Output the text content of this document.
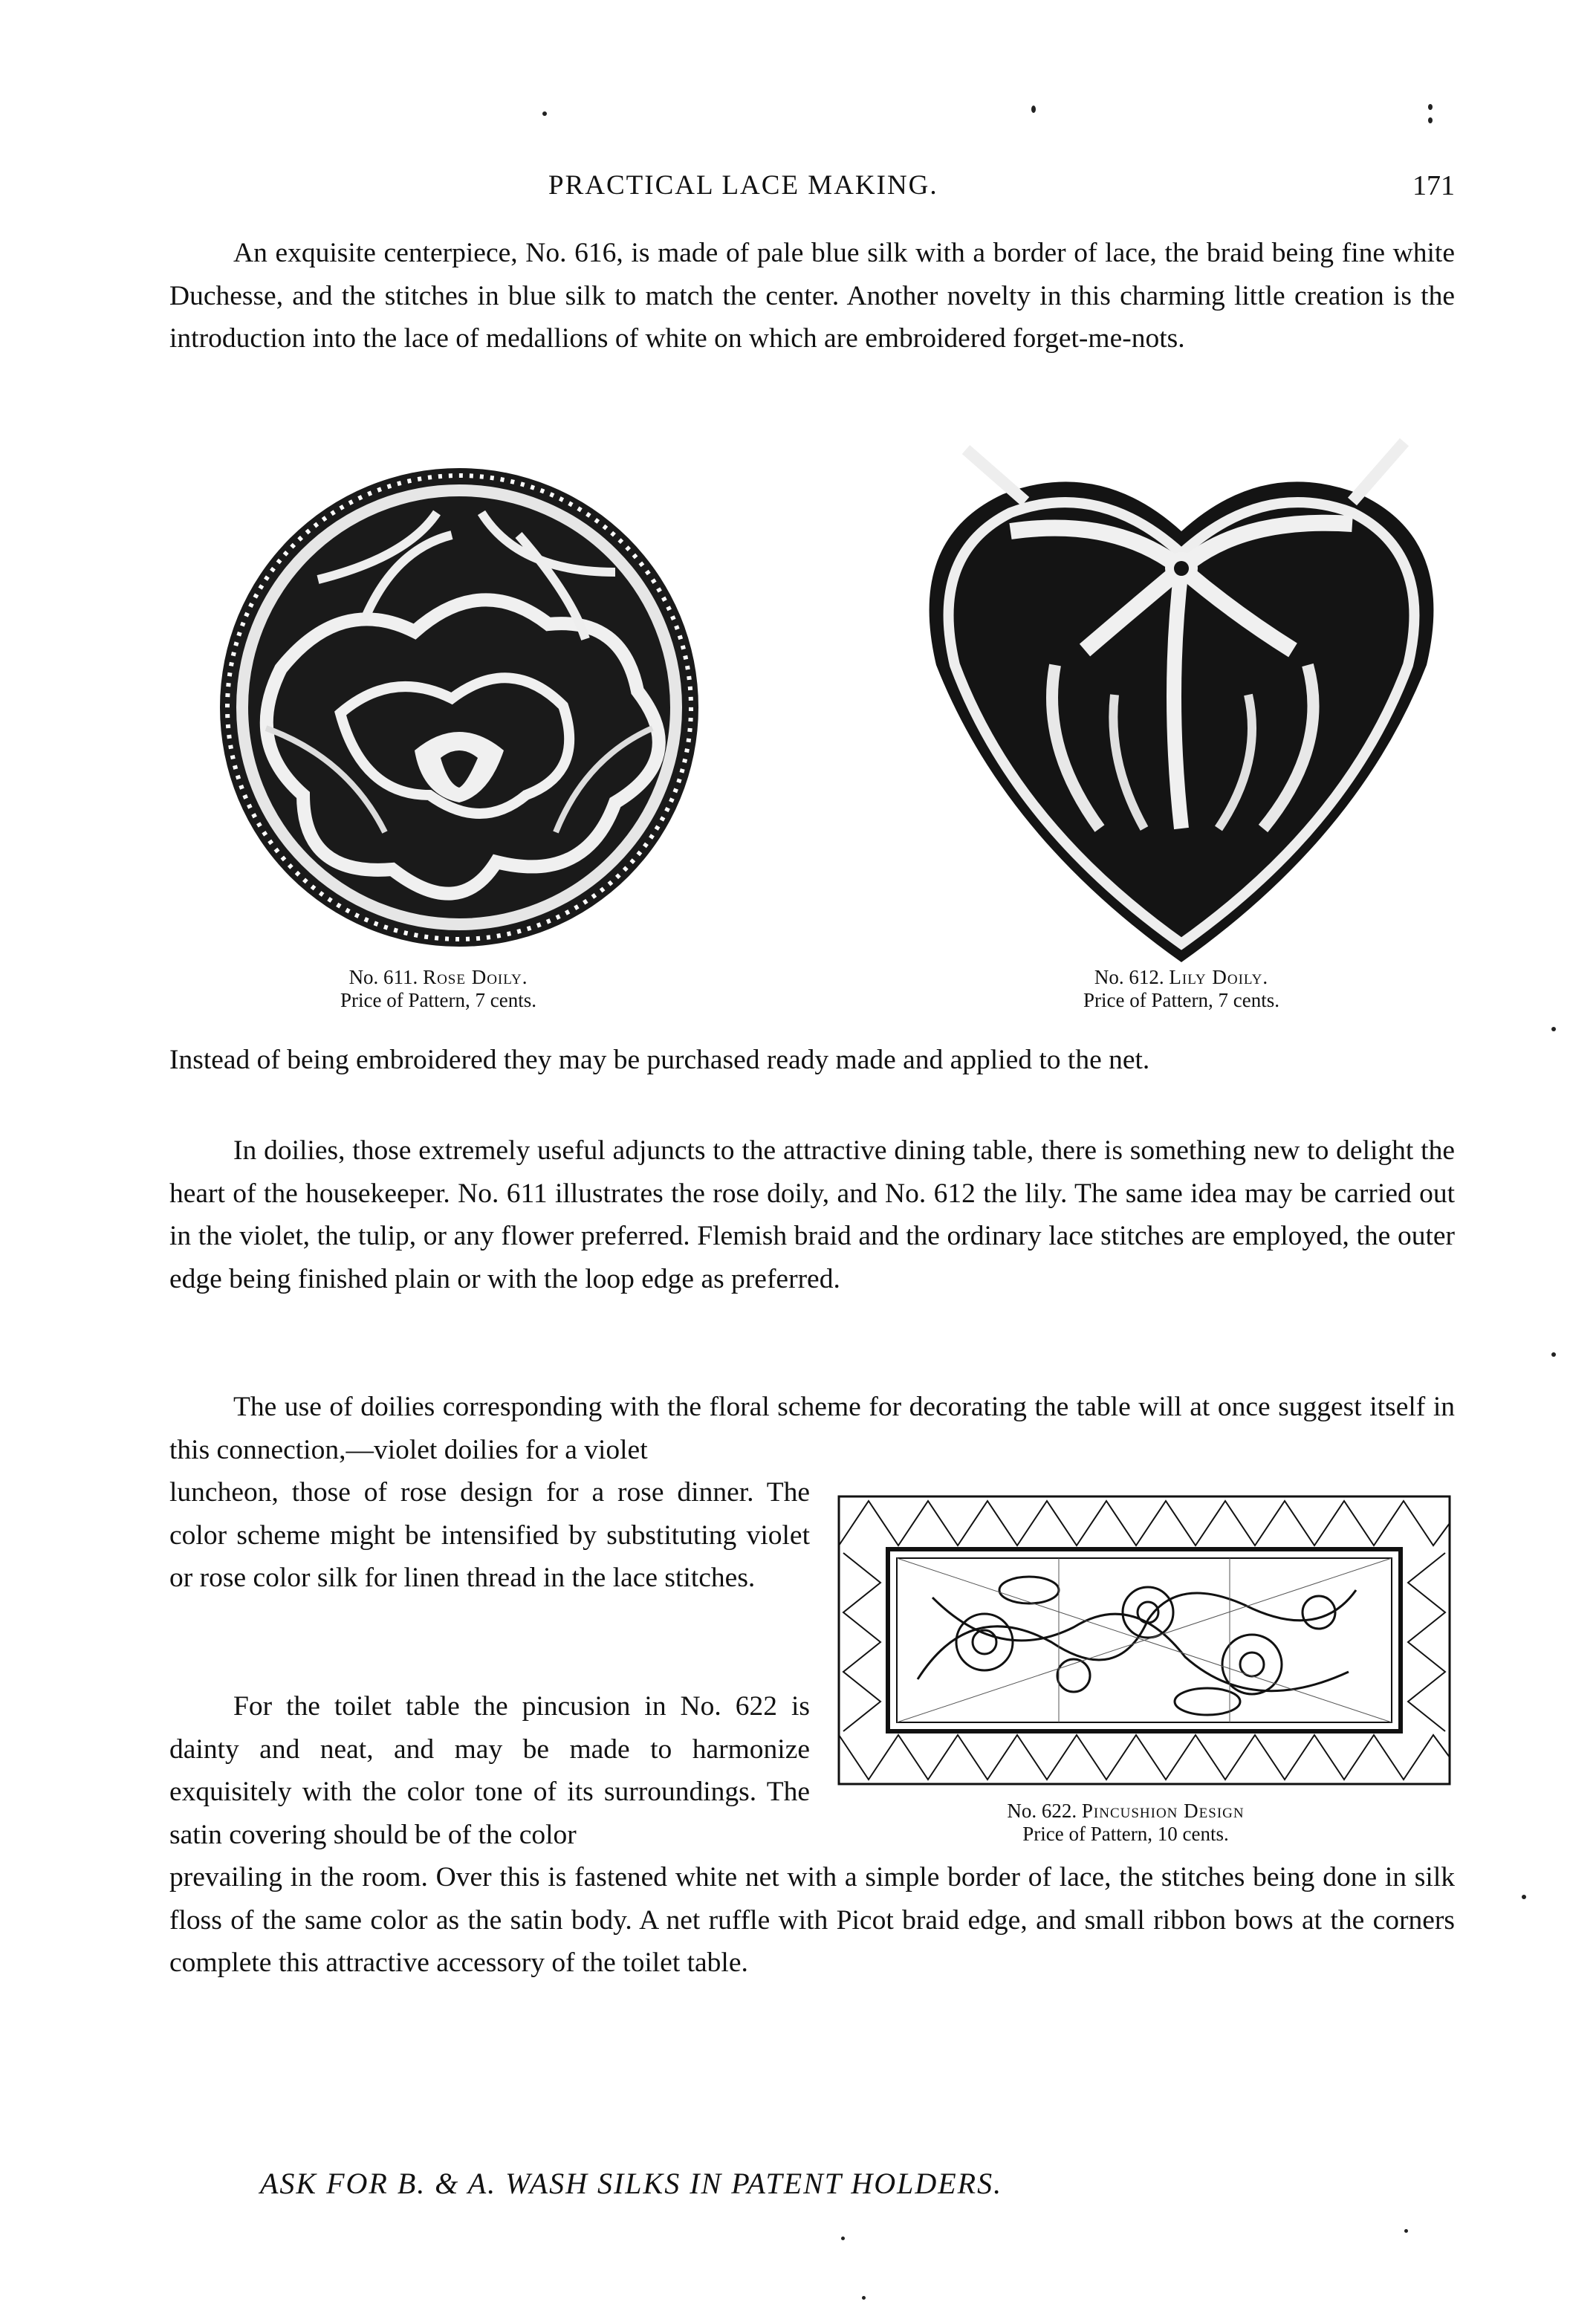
PRACTICAL LACE MAKING.	171
An exquisite centerpiece, No. 616, is made of pale blue silk with a border of lace, the braid being fine white Duchesse, and the stitches in blue silk to match the center. Another novelty in this charming little creation is the introduction into the lace of medallions of white on which are embroidered forget-me-nots.
No. 611. Rose Doily.
Price of Pattern, 7 cents.
No. 612. Lily Doily.
Price of Pattern, 7 cents.
Instead of being embroidered they may be purchased ready made and applied to the net.
In doilies, those extremely useful adjuncts to the attractive dining table, there is something new to delight the heart of the housekeeper. No. 611 illustrates the rose doily, and No. 612 the lily. The same idea may be carried out in the violet, the tulip, or any flower preferred. Flemish braid and the ordinary lace stitches are employed, the outer edge being finished plain or with the loop edge as preferred.
The use of doilies corresponding with the floral scheme for decorating the table will at once suggest itself in this connection,—violet doilies for a violet
luncheon, those of rose design for a rose dinner. The color scheme might be intensified by substituting violet or rose color silk for linen thread in the lace stitches.
For the toilet table the pincusion in No. 622 is dainty and neat, and may be made to harmonize exquisitely with the color tone of its surroundings. The satin covering should be of the color
prevailing in the room. Over this is fastened white net with a simple border of lace, the stitches being done in silk floss of the same color as the satin body. A net ruffle with Picot braid edge, and small ribbon bows at the corners complete this attractive accessory of the toilet table.
No. 622. Pincushion Design
Price of Pattern, 10 cents.
ASK FOR B. & A. WASH SILKS IN PATENT HOLDERS.
